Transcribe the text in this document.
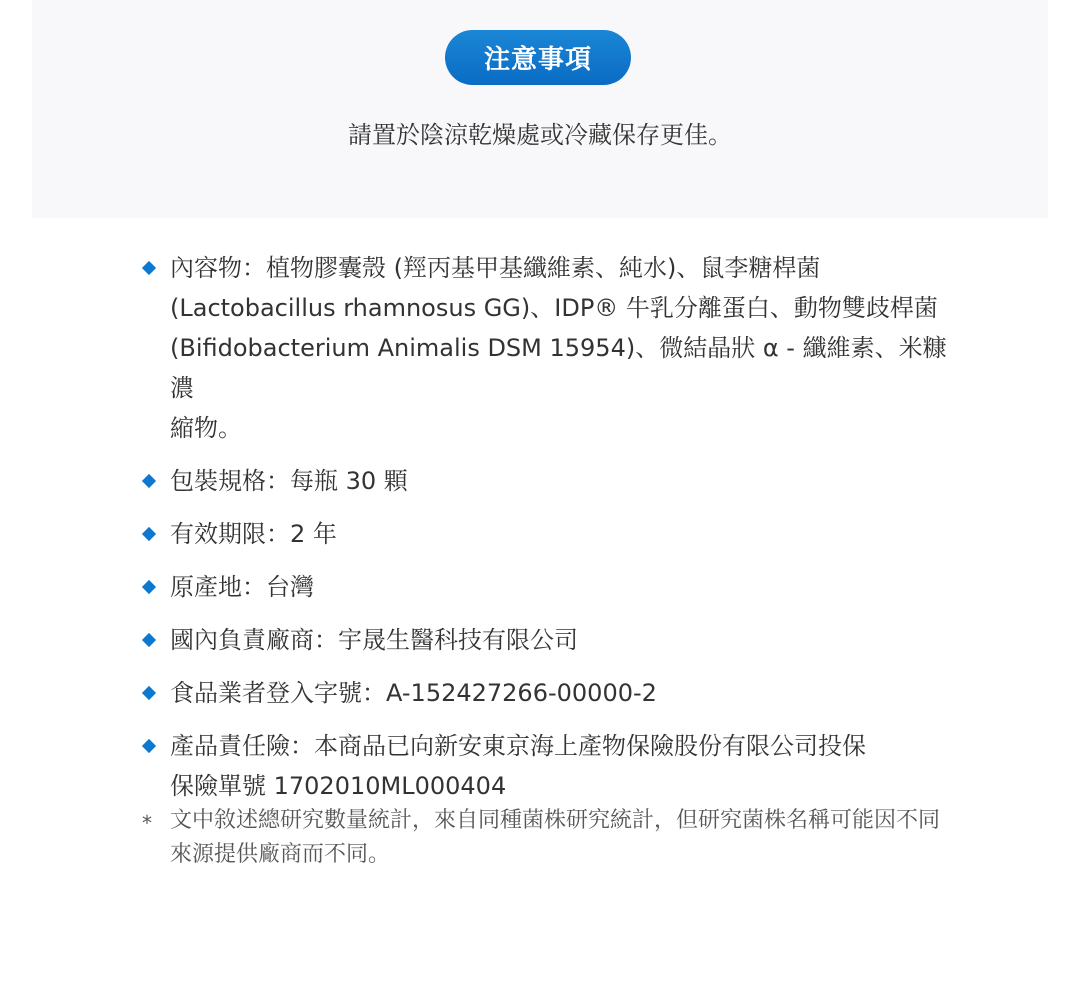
注意事項
請置於陰涼乾燥處或冷藏保存更佳。
內容物：植物膠囊殼 (羥丙基甲基纖維素、純水)、鼠李糖桿菌
(Lactobacillus rhamnosus GG)、IDP® 牛乳分離蛋白、動物雙歧桿菌
(Bifidobacterium Animalis DSM 15954)、微結晶狀 α - 纖維素、米糠濃
縮物。
包裝規格：每瓶 30 顆
有效期限：2 年
原產地：台灣
國內負責廠商：宇晟生醫科技有限公司
食品業者登入字號：A-152427266-00000-2
產品責任險：本商品已向新安東京海上產物保險股份有限公司投保
保險單號 1702010ML000404
* 文中敘述總研究數量統計，來自同種菌株研究統計，但研究菌株名稱可能因不同
來源提供廠商而不同。
